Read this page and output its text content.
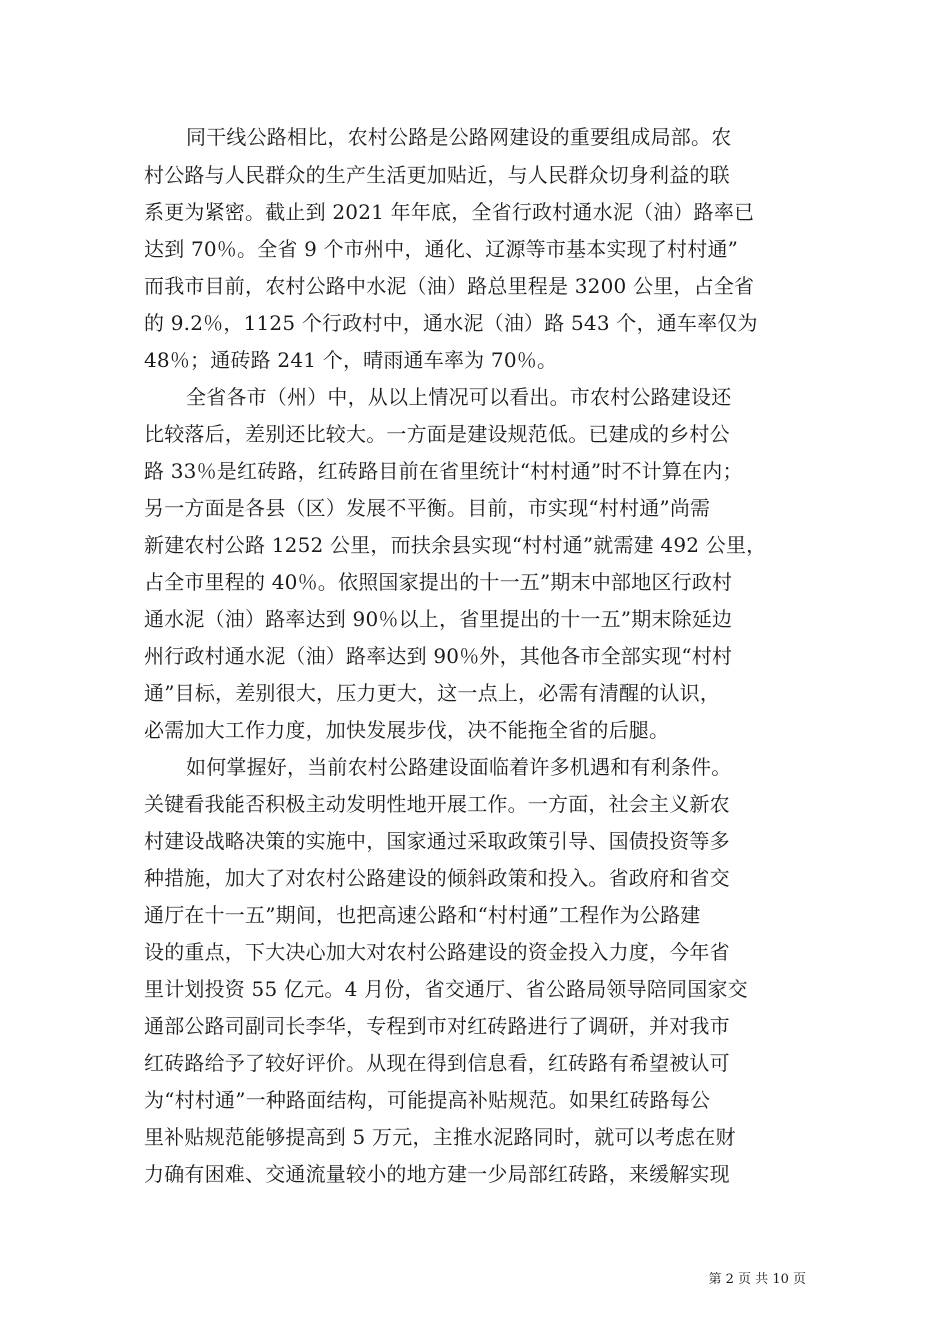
同干线公路相比，农村公路是公路网建设的重要组成局部。农
村公路与人民群众的生产生活更加贴近，与人民群众切身利益的联
系更为紧密。截止到 2021 年年底，全省行政村通水泥（油）路率已
达到 70％。全省 9 个市州中，通化、辽源等市基本实现了村村通”
而我市目前，农村公路中水泥（油）路总里程是 3200 公里，占全省
的 9.2％，1125 个行政村中，通水泥（油）路 543 个，通车率仅为
48％；通砖路 241 个，晴雨通车率为 70％。
全省各市（州）中，从以上情况可以看出。市农村公路建设还
比较落后，差别还比较大。一方面是建设规范低。已建成的乡村公
路 33％是红砖路，红砖路目前在省里统计“村村通”时不计算在内；
另一方面是各县（区）发展不平衡。目前，市实现“村村通”尚需
新建农村公路 1252 公里，而扶余县实现“村村通”就需建 492 公里，
占全市里程的 40％。依照国家提出的十一五”期末中部地区行政村
通水泥（油）路率达到 90％以上，省里提出的十一五”期末除延边
州行政村通水泥（油）路率达到 90％外，其他各市全部实现“村村
通”目标，差别很大，压力更大，这一点上，必需有清醒的认识，
必需加大工作力度，加快发展步伐，决不能拖全省的后腿。
如何掌握好，当前农村公路建设面临着许多机遇和有利条件。
关键看我能否积极主动发明性地开展工作。一方面，社会主义新农
村建设战略决策的实施中，国家通过采取政策引导、国债投资等多
种措施，加大了对农村公路建设的倾斜政策和投入。省政府和省交
通厅在十一五”期间，也把高速公路和“村村通”工程作为公路建
设的重点，下大决心加大对农村公路建设的资金投入力度，今年省
里计划投资 55 亿元。4 月份，省交通厅、省公路局领导陪同国家交
通部公路司副司长李华，专程到市对红砖路进行了调研，并对我市
红砖路给予了较好评价。从现在得到信息看，红砖路有希望被认可
为“村村通”一种路面结构，可能提高补贴规范。如果红砖路每公
里补贴规范能够提高到 5 万元，主推水泥路同时，就可以考虑在财
力确有困难、交通流量较小的地方建一少局部红砖路，来缓解实现
第 2 页 共 10 页
